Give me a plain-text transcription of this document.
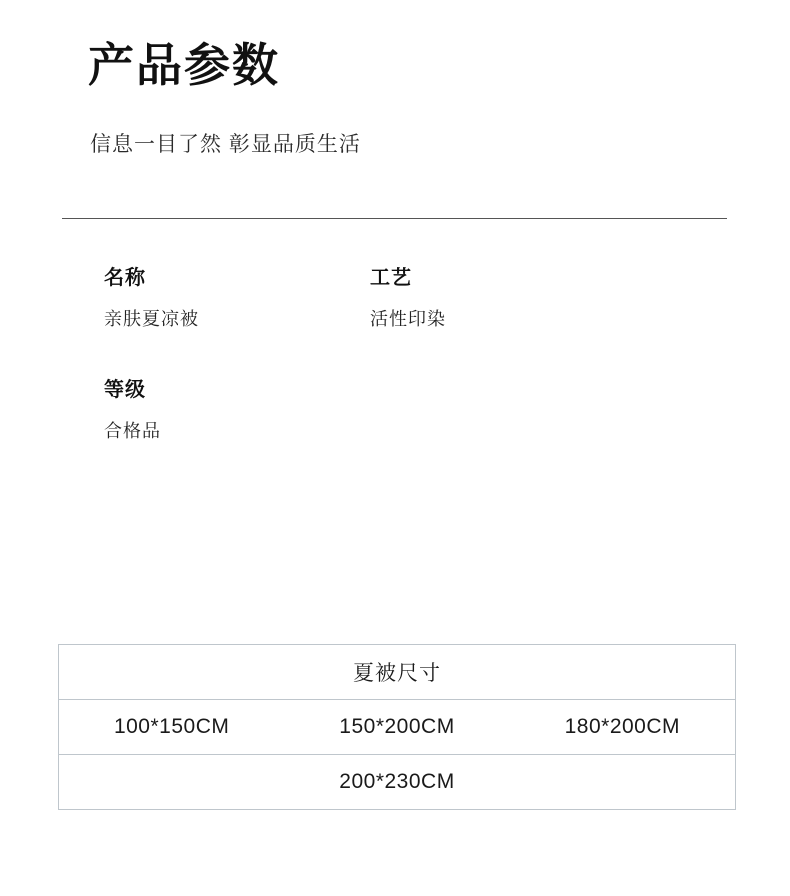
产品参数
信息一目了然 彰显品质生活
名称
亲肤夏凉被
工艺
活性印染
等级
合格品
夏被尺寸
100*150CM	150*200CM	180*200CM
200*230CM
